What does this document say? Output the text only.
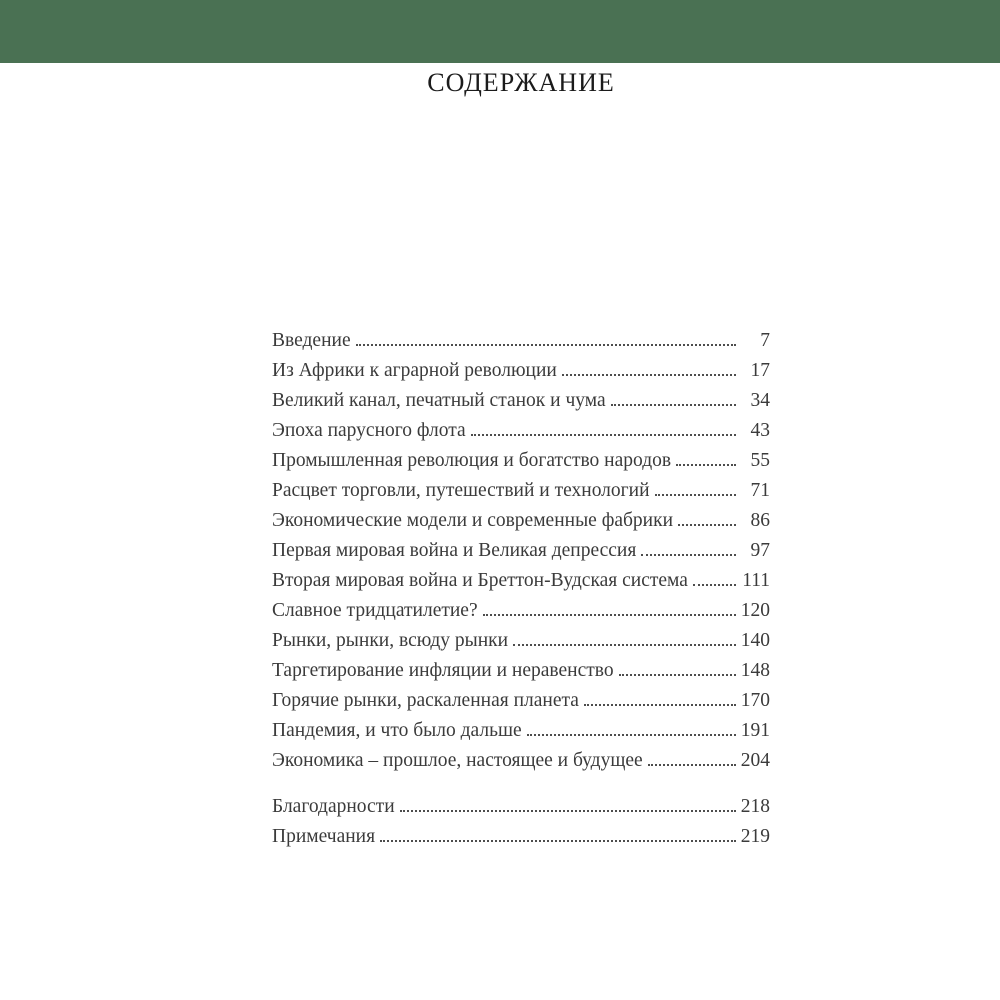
СОДЕРЖАНИЕ
Введение	7
Из Африки к аграрной революции	17
Великий канал, печатный станок и чума	34
Эпоха парусного флота	43
Промышленная революция и богатство народов	55
Расцвет торговли, путешествий и технологий	71
Экономические модели и современные фабрики	86
Первая мировая война и Великая депрессия	97
Вторая мировая война и Бреттон-Вудская система	111
Славное тридцатилетие?	120
Рынки, рынки, всюду рынки	140
Таргетирование инфляции и неравенство	148
Горячие рынки, раскаленная планета	170
Пандемия, и что было дальше	191
Экономика – прошлое, настоящее и будущее	204
Благодарности	218
Примечания	219
